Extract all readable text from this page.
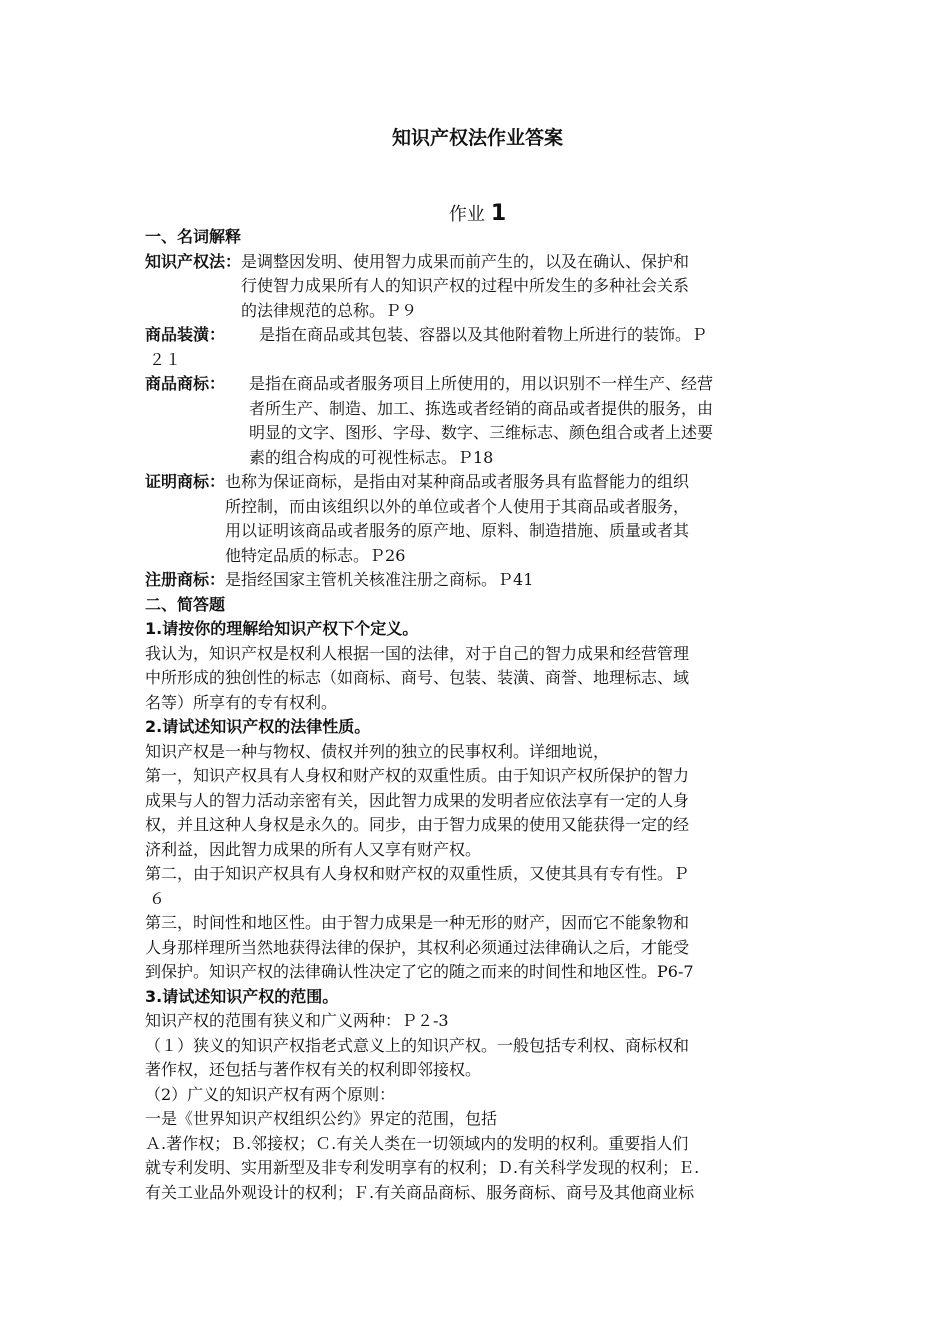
知识产权法作业答案
作业 1
一、名词解释
知识产权法： 是调整因发明、使用智力成果而前产生的，以及在确认、保护和
行使智力成果所有人的知识产权的过程中所发生的多种社会关系
的法律规范的总称。Ｐ９
商品装潢：	是指在商品或其包装、容器以及其他附着物上所进行的装饰。Ｐ
２１
商品商标：	是指在商品或者服务项目上所使用的，用以识别不一样生产、经营
者所生产、制造、加工、拣选或者经销的商品或者提供的服务，由
明显的文字、图形、字母、数字、三维标志、颜色组合或者上述要
素的组合构成的可视性标志。Ｐ18
证明商标： 也称为保证商标，是指由对某种商品或者服务具有监督能力的组织
所控制，而由该组织以外的单位或者个人使用于其商品或者服务，
用以证明该商品或者服务的原产地、原料、制造措施、质量或者其
他特定品质的标志。Ｐ26
注册商标： 是指经国家主管机关核准注册之商标。Ｐ41
二、简答题
1.请按你的理解给知识产权下个定义。
我认为，知识产权是权利人根据一国的法律，对于自己的智力成果和经营管理
中所形成的独创性的标志（如商标、商号、包装、装潢、商誉、地理标志、域
名等）所享有的专有权利。
2.请试述知识产权的法律性质。
知识产权是一种与物权、债权并列的独立的民事权利。详细地说，
第一，知识产权具有人身权和财产权的双重性质。由于知识产权所保护的智力
成果与人的智力活动亲密有关，因此智力成果的发明者应依法享有一定的人身
权，并且这种人身权是永久的。同步，由于智力成果的使用又能获得一定的经
济利益，因此智力成果的所有人又享有财产权。
第二，由于知识产权具有人身权和财产权的双重性质，又使其具有专有性。Ｐ
６
第三，时间性和地区性。由于智力成果是一种无形的财产，因而它不能象物和
人身那样理所当然地获得法律的保护，其权利必须通过法律确认之后，才能受
到保护。知识产权的法律确认性决定了它的随之而来的时间性和地区性。P6-7
3.请试述知识产权的范围。
知识产权的范围有狭义和广义两种：Ｐ２-3
（１）狭义的知识产权指老式意义上的知识产权。一般包括专利权、商标权和
著作权，还包括与著作权有关的权利即邻接权。
（2）广义的知识产权有两个原则：
一是《世界知识产权组织公约》界定的范围，包括
Ａ.著作权；Ｂ.邻接权；Ｃ.有关人类在一切领域内的发明的权利。重要指人们
就专利发明、实用新型及非专利发明享有的权利；Ｄ.有关科学发现的权利；Ｅ.
有关工业品外观设计的权利；Ｆ.有关商品商标、服务商标、商号及其他商业标
